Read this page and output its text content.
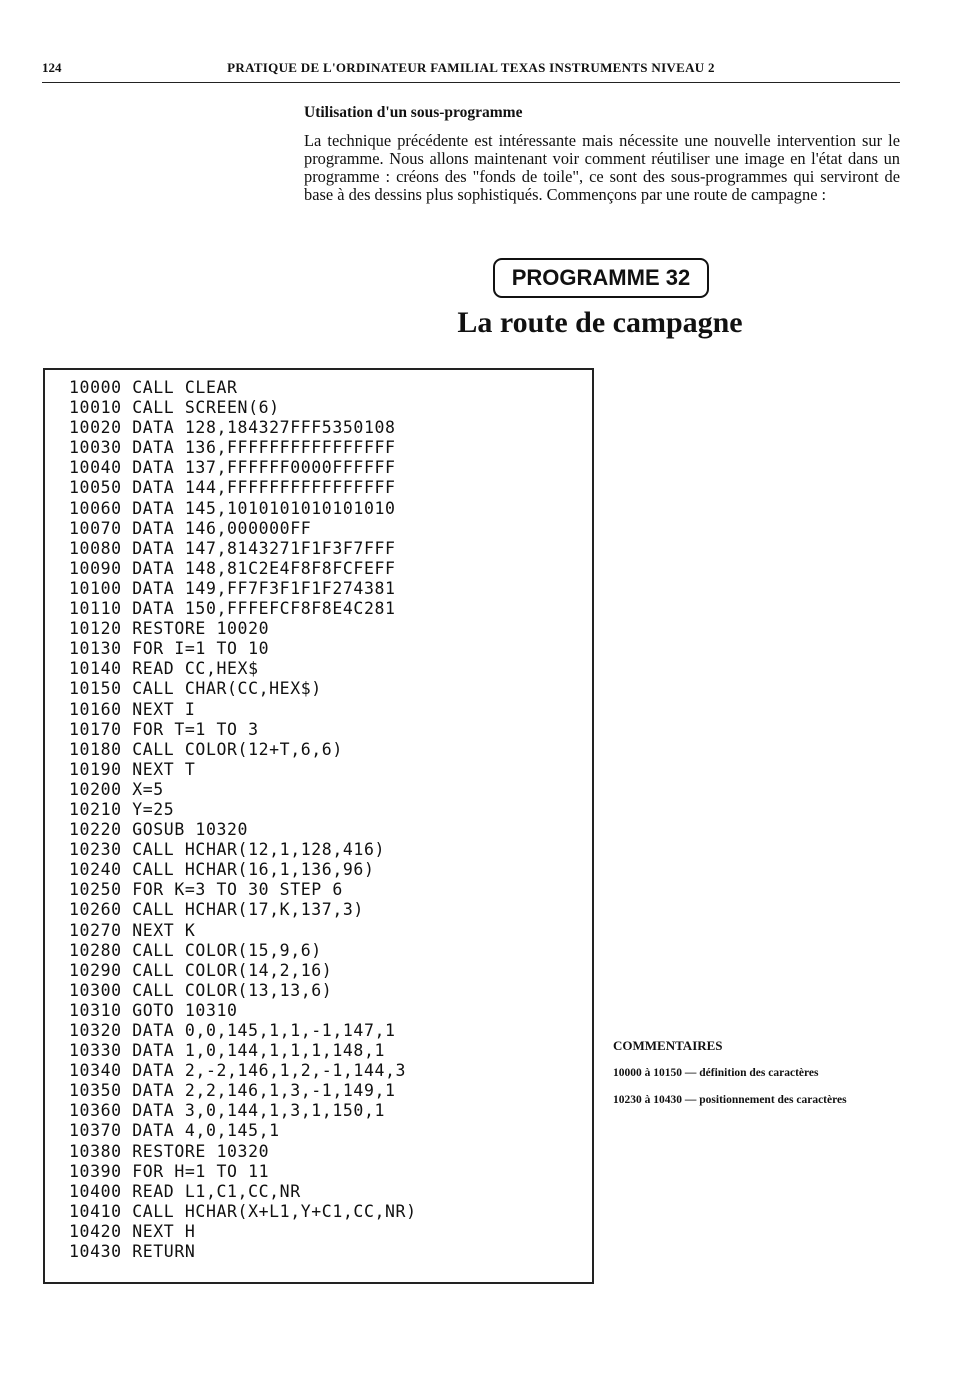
124	PRATIQUE DE L'ORDINATEUR FAMILIAL TEXAS INSTRUMENTS NIVEAU 2

Utilisation d'un sous-programme

La technique précédente est intéressante mais nécessite une nouvelle intervention sur le programme. Nous allons maintenant voir comment réutiliser une image en l'état dans un programme : créons des "fonds de toile", ce sont des sous-programmes qui serviront de base à des dessins plus sophistiqués. Commençons par une route de campagne :

PROGRAMME 32
La route de campagne
10000 CALL CLEAR
10010 CALL SCREEN(6)
10020 DATA 128,184327FFF5350108
10030 DATA 136,FFFFFFFFFFFFFFFF
10040 DATA 137,FFFFFF0000FFFFFF
10050 DATA 144,FFFFFFFFFFFFFFFF
10060 DATA 145,1010101010101010
10070 DATA 146,000000FF
10080 DATA 147,8143271F1F3F7FFF
10090 DATA 148,81C2E4F8F8FCFEFF
10100 DATA 149,FF7F3F1F1F274381
10110 DATA 150,FFFEFCF8F8E4C281
10120 RESTORE 10020
10130 FOR I=1 TO 10
10140 READ CC,HEX$
10150 CALL CHAR(CC,HEX$)
10160 NEXT I
10170 FOR T=1 TO 3
10180 CALL COLOR(12+T,6,6)
10190 NEXT T
10200 X=5
10210 Y=25
10220 GOSUB 10320
10230 CALL HCHAR(12,1,128,416)
10240 CALL HCHAR(16,1,136,96)
10250 FOR K=3 TO 30 STEP 6
10260 CALL HCHAR(17,K,137,3)
10270 NEXT K
10280 CALL COLOR(15,9,6)
10290 CALL COLOR(14,2,16)
10300 CALL COLOR(13,13,6)
10310 GOTO 10310
10320 DATA 0,0,145,1,1,-1,147,1
10330 DATA 1,0,144,1,1,1,148,1
10340 DATA 2,-2,146,1,2,-1,144,3
10350 DATA 2,2,146,1,3,-1,149,1
10360 DATA 3,0,144,1,3,1,150,1
10370 DATA 4,0,145,1
10380 RESTORE 10320
10390 FOR H=1 TO 11
10400 READ L1,C1,CC,NR
10410 CALL HCHAR(X+L1,Y+C1,CC,NR)
10420 NEXT H
10430 RETURN

COMMENTAIRES

10000 à 10150 — définition des caractères

10230 à 10430 — positionnement des caractères
